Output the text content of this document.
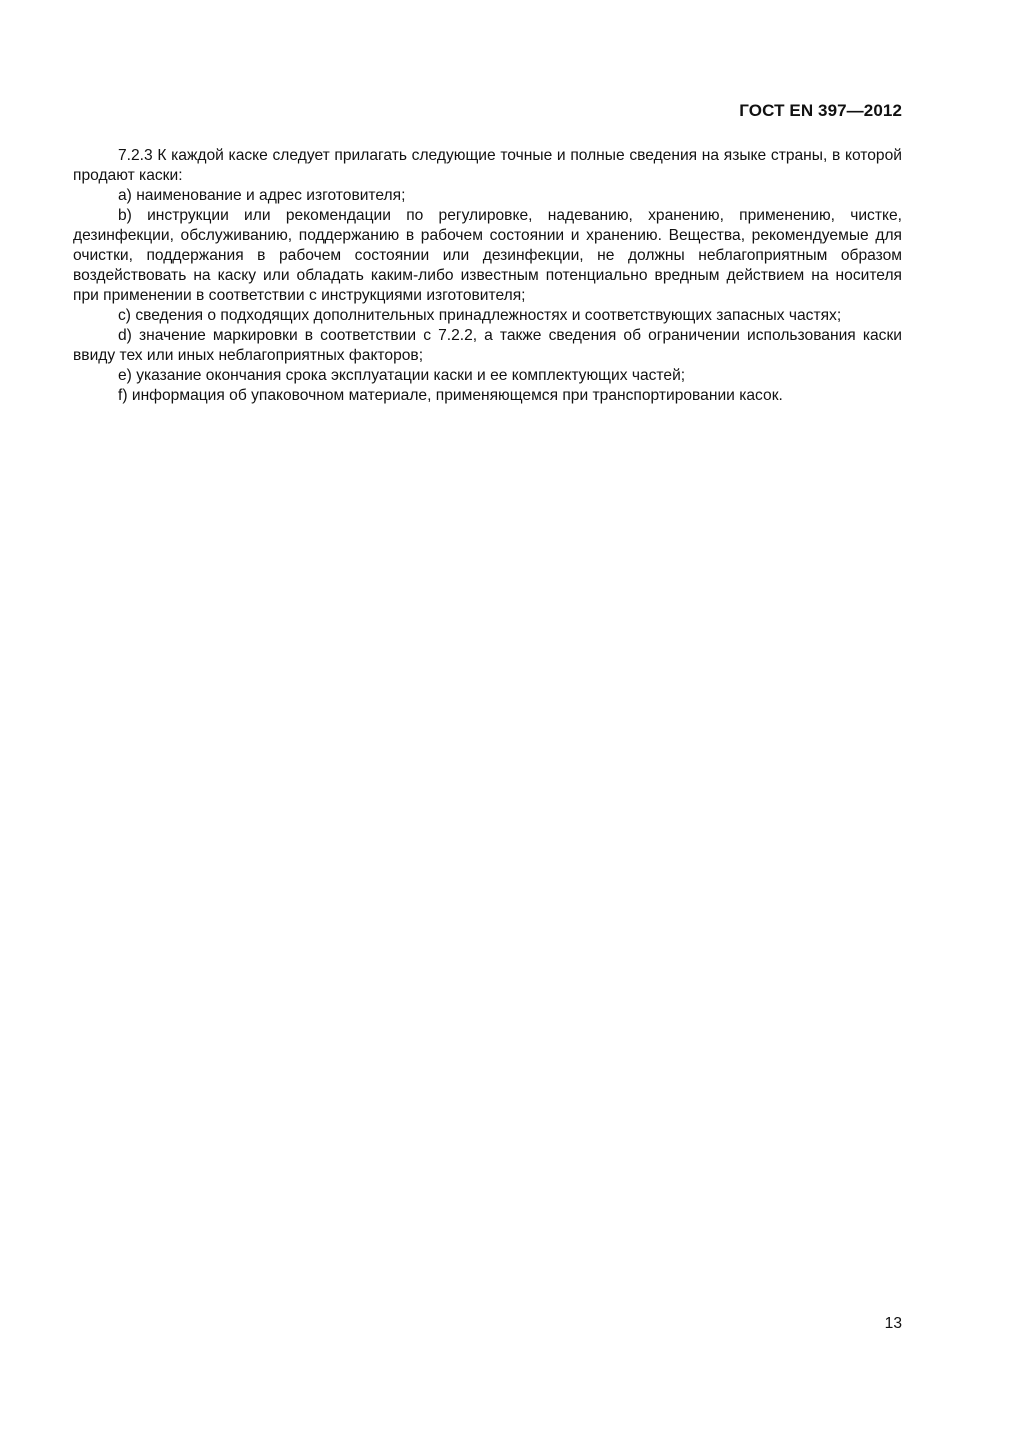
ГОСТ EN 397—2012

7.2.3 К каждой каске следует прилагать следующие точные и полные сведения на языке страны, в которой продают каски:

a) наименование и адрес изготовителя;

b) инструкции или рекомендации по регулировке, надеванию, хранению, применению, чистке, дезинфекции, обслуживанию, поддержанию в рабочем состоянии и хранению. Вещества, рекомендуемые для очистки, поддержания в рабочем состоянии или дезинфекции, не должны неблагоприятным образом воздействовать на каску или обладать каким-либо известным потенциально вредным действием на носителя при применении в соответствии с инструкциями изготовителя;

c) сведения о подходящих дополнительных принадлежностях и соответствующих запасных частях;

d) значение маркировки в соответствии с 7.2.2, а также сведения об ограничении использования каски ввиду тех или иных неблагоприятных факторов;

e) указание окончания срока эксплуатации каски и ее комплектующих частей;

f) информация об упаковочном материале, применяющемся при транспортировании касок.

13
